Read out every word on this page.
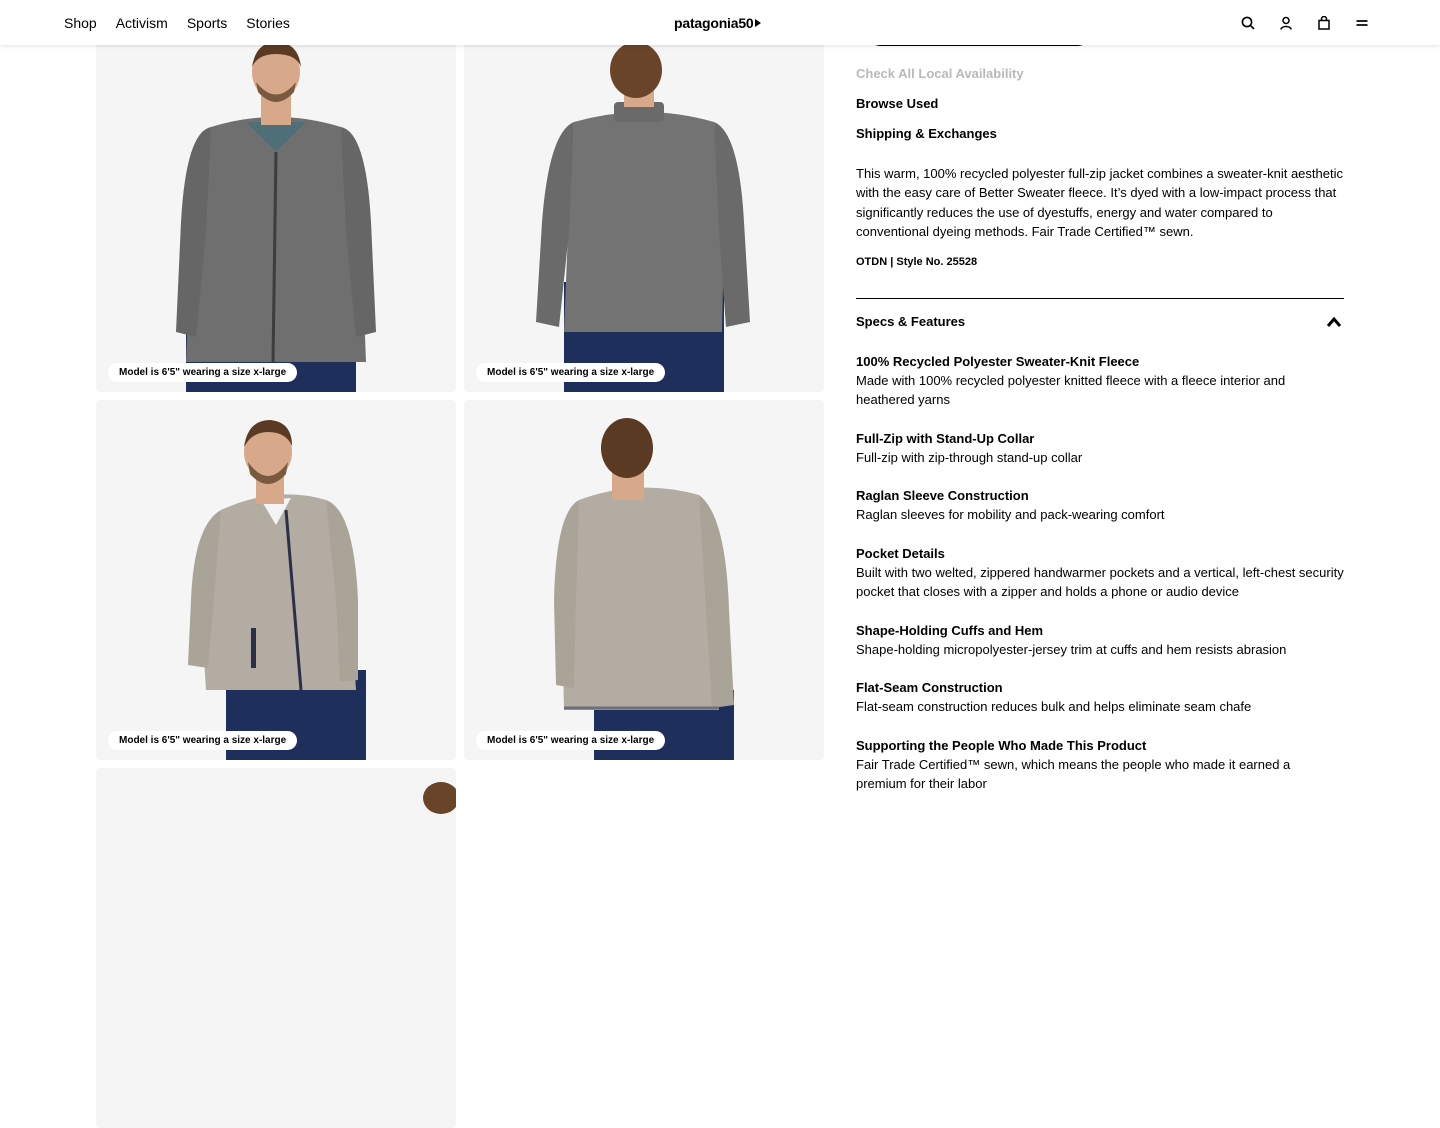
Shop Activism Sports Stories	patagonia 50
Model is 6'5" wearing a size x-large	Model is 6'5" wearing a size x-large
Model is 6'5" wearing a size x-large	Model is 6'5" wearing a size x-large
Check All Local Availability
Browse Used
Shipping & Exchanges
This warm, 100% recycled polyester full-zip jacket combines a sweater-knit aesthetic with the easy care of Better Sweater fleece. It’s dyed with a low-impact process that significantly reduces the use of dyestuffs, energy and water compared to conventional dyeing methods. Fair Trade Certified™ sewn.
OTDN | Style No. 25528
Specs & Features
100% Recycled Polyester Sweater-Knit Fleece
Made with 100% recycled polyester knitted fleece with a fleece interior and heathered yarns
Full-Zip with Stand-Up Collar
Full-zip with zip-through stand-up collar
Raglan Sleeve Construction
Raglan sleeves for mobility and pack-wearing comfort
Pocket Details
Built with two welted, zippered handwarmer pockets and a vertical, left-chest security pocket that closes with a zipper and holds a phone or audio device
Shape-Holding Cuffs and Hem
Shape-holding micropolyester-jersey trim at cuffs and hem resists abrasion
Flat-Seam Construction
Flat-seam construction reduces bulk and helps eliminate seam chafe
Supporting the People Who Made This Product
Fair Trade Certified™ sewn, which means the people who made it earned a premium for their labor
